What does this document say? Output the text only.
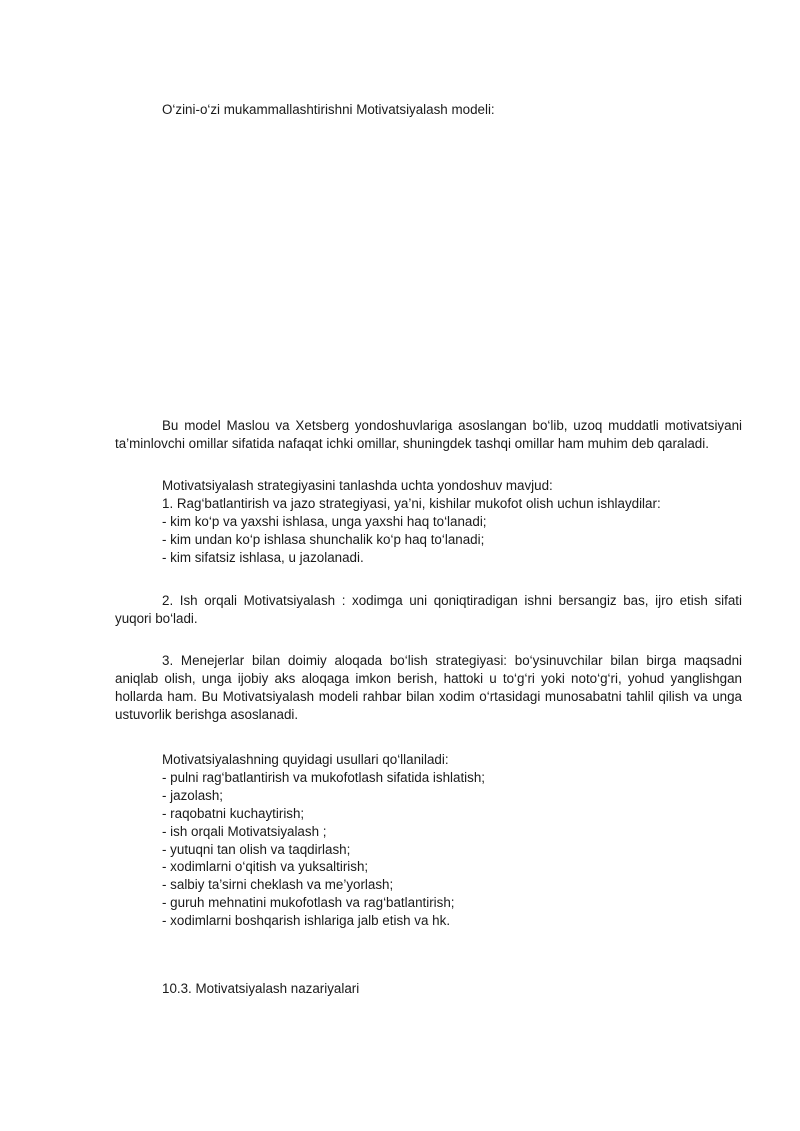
O‘zini-o‘zi mukammallashtirishni Motivatsiyalash modeli:

Bu model Maslou va Xetsberg yondoshuvlariga asoslangan bo‘lib, uzoq muddatli motivatsiyani ta’minlovchi omillar sifatida nafaqat ichki omillar, shuningdek tashqi omillar ham muhim deb qaraladi.

Motivatsiyalash strategiyasini tanlashda uchta yondoshuv mavjud:
1. Rag‘batlantirish va jazo strategiyasi, ya’ni, kishilar mukofot olish uchun ishlaydilar:
- kim ko‘p va yaxshi ishlasa, unga yaxshi haq to‘lanadi;
- kim undan ko‘p ishlasa shunchalik ko‘p haq to‘lanadi;
- kim sifatsiz ishlasa, u jazolanadi.

2. Ish orqali Motivatsiyalash : xodimga uni qoniqtiradigan ishni bersangiz bas, ijro etish sifati yuqori bo‘ladi.

3. Menejerlar bilan doimiy aloqada bo‘lish strategiyasi: bo‘ysinuvchilar bilan birga maqsadni aniqlab olish, unga ijobiy aks aloqaga imkon berish, hattoki u to‘g‘ri yoki noto‘g‘ri, yohud yanglishgan hollarda ham. Bu Motivatsiyalash modeli rahbar bilan xodim o‘rtasidagi munosabatni tahlil qilish va unga ustuvorlik berishga asoslanadi.

Motivatsiyalashning quyidagi usullari qo‘llaniladi:
- pulni rag‘batlantirish va mukofotlash sifatida ishlatish;
- jazolash;
- raqobatni kuchaytirish;
- ish orqali Motivatsiyalash ;
- yutuqni tan olish va taqdirlash;
- xodimlarni o‘qitish va yuksaltirish;
- salbiy ta’sirni cheklash va me’yorlash;
- guruh mehnatini mukofotlash va rag‘batlantirish;
- xodimlarni boshqarish ishlariga jalb etish va hk.

10.3. Motivatsiyalash nazariyalari
